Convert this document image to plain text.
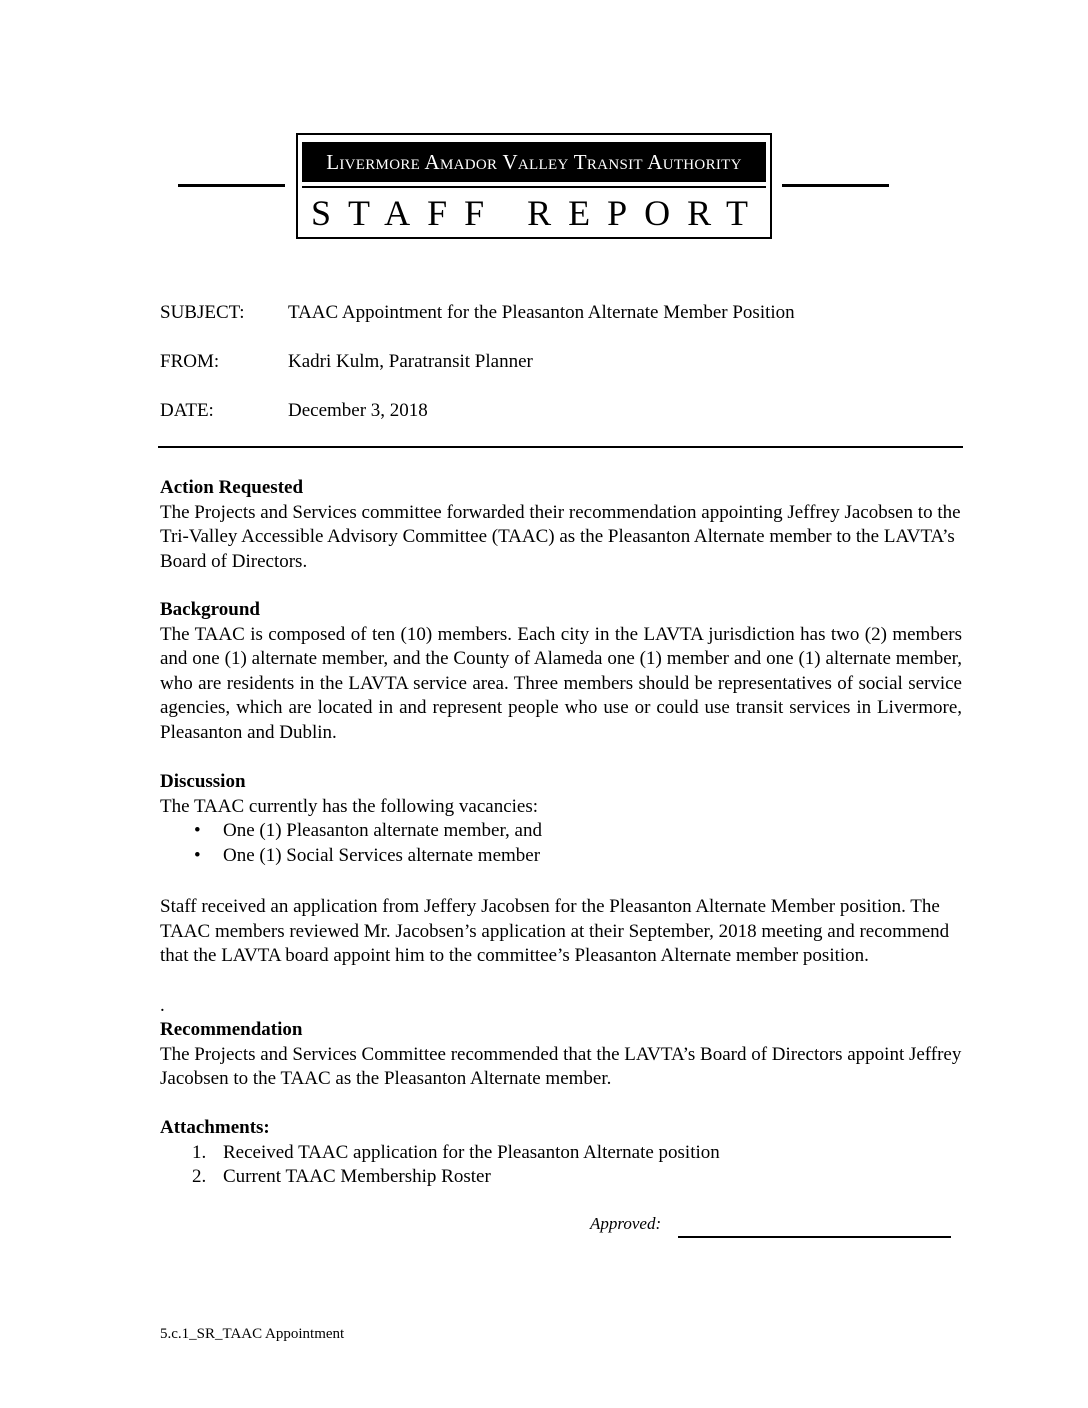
Livermore Amador Valley Transit Authority
STAFF REPORT
SUBJECT: TAAC Appointment for the Pleasanton Alternate Member Position
FROM:	Kadri Kulm, Paratransit Planner
DATE:	December 3, 2018
Action Requested

The Projects and Services committee forwarded their recommendation appointing Jeffrey Jacobsen to the Tri-Valley Accessible Advisory Committee (TAAC) as the Pleasanton Alternate member to the LAVTA’s Board of Directors.

Background

The TAAC is composed of ten (10) members. Each city in the LAVTA jurisdiction has two (2) members and one (1) alternate member, and the County of Alameda one (1) member and one (1) alternate member, who are residents in the LAVTA service area. Three members should be representatives of social service agencies, which are located in and represent people who use or could use transit services in Livermore, Pleasanton and Dublin.

Discussion

The TAAC currently has the following vacancies:

• One (1) Pleasanton alternate member, and
• One (1) Social Services alternate member

Staff received an application from Jeffery Jacobsen for the Pleasanton Alternate Member position. The TAAC members reviewed Mr. Jacobsen’s application at their September, 2018 meeting and recommend that the LAVTA board appoint him to the committee’s Pleasanton Alternate member position.

.
Recommendation

The Projects and Services Committee recommended that the LAVTA’s Board of Directors appoint Jeffrey Jacobsen to the TAAC as the Pleasanton Alternate member.

Attachments:
1. Received TAAC application for the Pleasanton Alternate position
2. Current TAAC Membership Roster
Approved:
5.c.1_SR_TAAC Appointment
